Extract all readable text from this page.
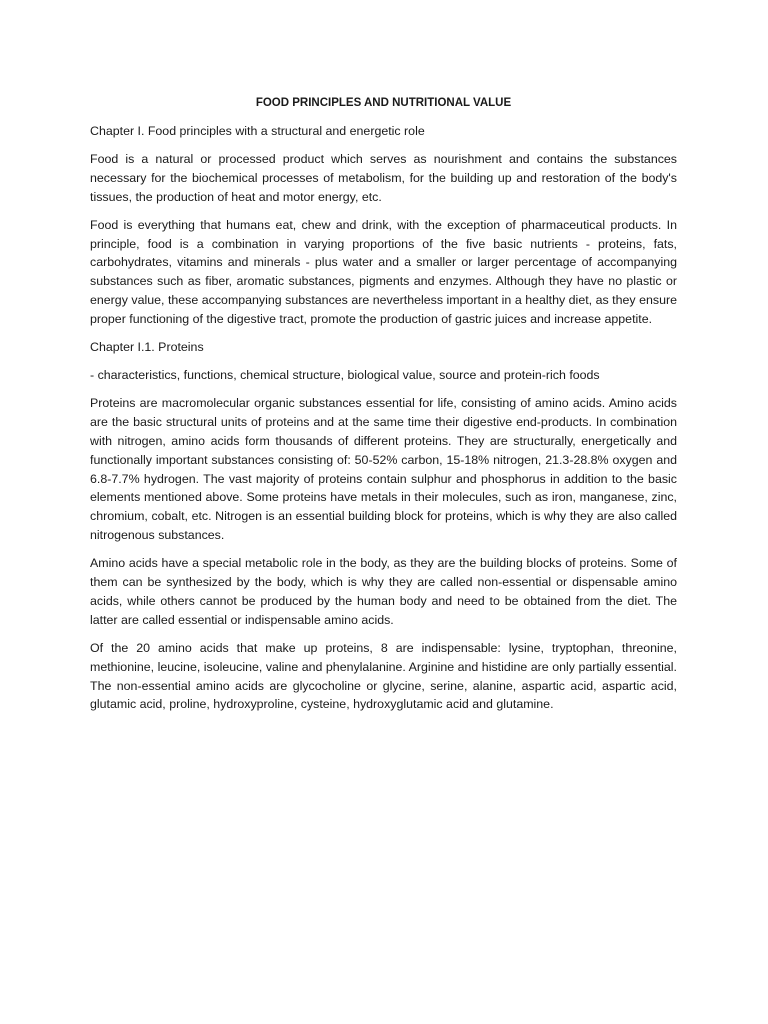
FOOD PRINCIPLES AND NUTRITIONAL VALUE

Chapter I. Food principles with a structural and energetic role

Food is a natural or processed product which serves as nourishment and contains the substances necessary for the biochemical processes of metabolism, for the building up and restoration of the body's tissues, the production of heat and motor energy, etc.

Food is everything that humans eat, chew and drink, with the exception of pharmaceutical products. In principle, food is a combination in varying proportions of the five basic nutrients - proteins, fats, carbohydrates, vitamins and minerals - plus water and a smaller or larger percentage of accompanying substances such as fiber, aromatic substances, pigments and enzymes. Although they have no plastic or energy value, these accompanying substances are nevertheless important in a healthy diet, as they ensure proper functioning of the digestive tract, promote the production of gastric juices and increase appetite.

Chapter I.1. Proteins

- characteristics, functions, chemical structure, biological value, source and protein-rich foods

Proteins are macromolecular organic substances essential for life, consisting of amino acids. Amino acids are the basic structural units of proteins and at the same time their digestive end-products. In combination with nitrogen, amino acids form thousands of different proteins. They are structurally, energetically and functionally important substances consisting of: 50-52% carbon, 15-18% nitrogen, 21.3-28.8% oxygen and 6.8-7.7% hydrogen. The vast majority of proteins contain sulphur and phosphorus in addition to the basic elements mentioned above. Some proteins have metals in their molecules, such as iron, manganese, zinc, chromium, cobalt, etc. Nitrogen is an essential building block for proteins, which is why they are also called nitrogenous substances.

Amino acids have a special metabolic role in the body, as they are the building blocks of proteins. Some of them can be synthesized by the body, which is why they are called non-essential or dispensable amino acids, while others cannot be produced by the human body and need to be obtained from the diet. The latter are called essential or indispensable amino acids.

Of the 20 amino acids that make up proteins, 8 are indispensable: lysine, tryptophan, threonine, methionine, leucine, isoleucine, valine and phenylalanine. Arginine and histidine are only partially essential. The non-essential amino acids are glycocholine or glycine, serine, alanine, aspartic acid, aspartic acid, glutamic acid, proline, hydroxyproline, cysteine, hydroxyglutamic acid and glutamine.
